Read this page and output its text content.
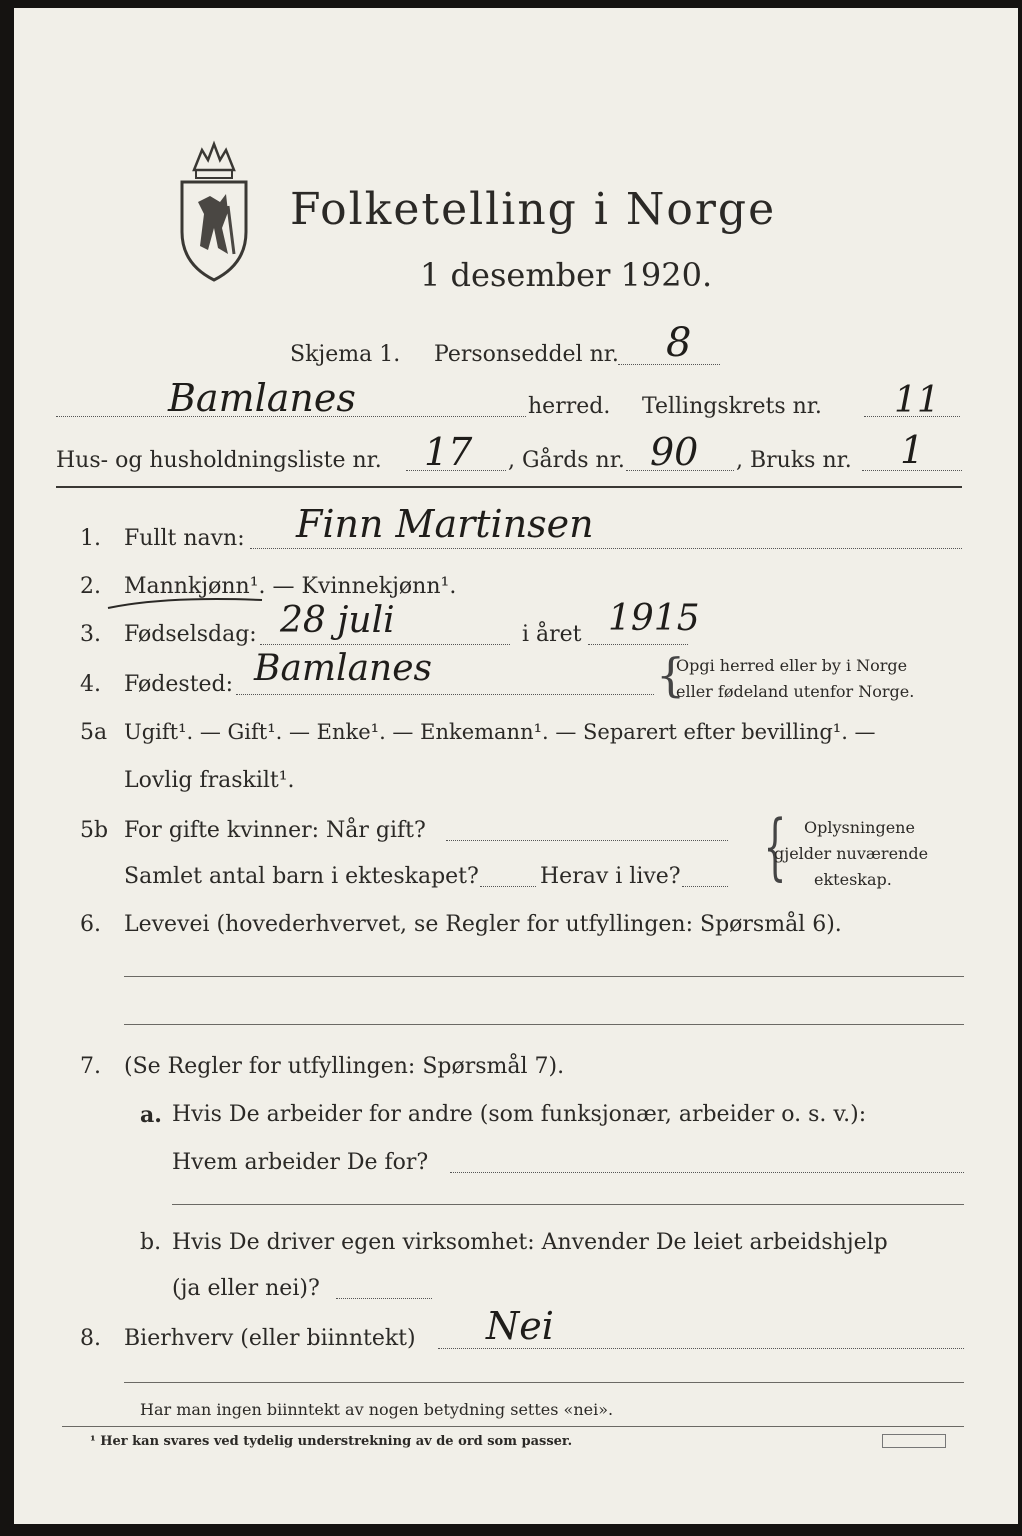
Folketelling i Norge
1 desember 1920.
Skjema 1. Personseddel nr. 8
Bamlanes	herred. Tellingskrets nr. 11
Hus- og husholdningsliste nr. 17 , Gårds nr. 90 , Bruks nr. 1
1. Fullt navn: Finn Martinsen
2. Mannkjønn¹. — Kvinnekjønn¹.
3. Fødselsdag: 28 juli	i året 1915
4. Fødested: Bamlanes	{
Opgi herred eller by i Norge
eller fødeland utenfor Norge.
5a Ugift¹. — Gift¹. — Enke¹. — Enkemann¹. — Separert efter bevilling¹. —
Lovlig fraskilt¹.
5b For gifte kvinner: Når gift?
Samlet antal barn i ekteskapet?	Herav i live? { Oplysningene
gjelder nuværende
ekteskap.
6. Levevei (hovederhvervet, se Regler for utfyllingen: Spørsmål 6).
7. (Se Regler for utfyllingen: Spørsmål 7).
a. Hvis De arbeider for andre (som funksjonær, arbeider o. s. v.):
Hvem arbeider De for?
b. Hvis De driver egen virksomhet: Anvender De leiet arbeidshjelp
(ja eller nei)?
8. Bierhverv (eller biinntekt) Nei
Har man ingen biinntekt av nogen betydning settes «nei».
¹ Her kan svares ved tydelig understrekning av de ord som passer.
